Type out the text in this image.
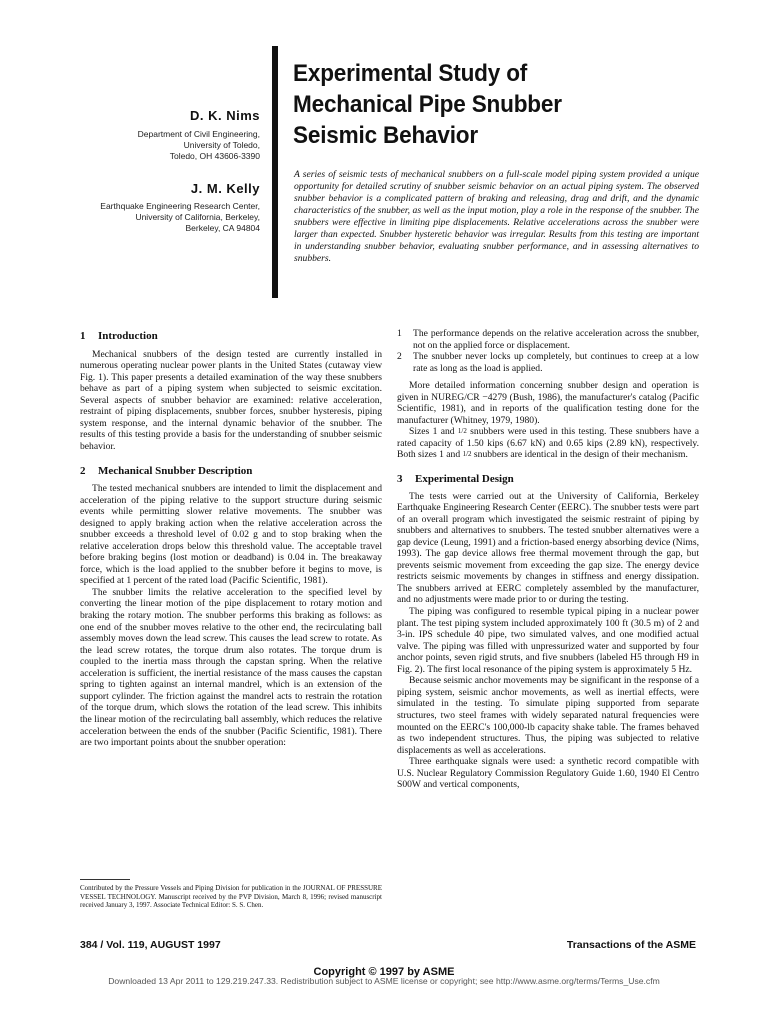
D. K. Nims
Department of Civil Engineering,
University of Toledo,
Toledo, OH 43606-3390
J. M. Kelly
Earthquake Engineering Research Center,
University of California, Berkeley,
Berkeley, CA 94804
Experimental Study of
Mechanical Pipe Snubber
Seismic Behavior
A series of seismic tests of mechanical snubbers on a full-scale model piping system provided a unique opportunity for detailed scrutiny of snubber seismic behavior on an actual piping system. The observed snubber behavior is a complicated pattern of braking and releasing, drag and drift, and the dynamic characteristics of the snubber, as well as the input motion, play a role in the response of the snubber. The snubbers were effective in limiting pipe displacements. Relative accelerations across the snubber were larger than expected. Snubber hysteretic behavior was irregular. Results from this testing are important in understanding snubber behavior, evaluating snubber performance, and in assessing alternatives to snubbers.
1 Introduction

Mechanical snubbers of the design tested are currently installed in numerous operating nuclear power plants in the United States (cutaway view Fig. 1). This paper presents a detailed examination of the way these snubbers behave as part of a piping system when subjected to seismic excitation. Several aspects of snubber behavior are examined: relative acceleration, restraint of piping displacements, snubber forces, snubber hysteresis, piping system response, and the internal dynamic behavior of the snubber. The results of this testing provide a basis for the understanding of snubber seismic behavior.

2 Mechanical Snubber Description

The tested mechanical snubbers are intended to limit the displacement and acceleration of the piping relative to the support structure during seismic events while permitting slower relative movements. The snubber was designed to apply braking action when the relative acceleration across the snubber exceeds a threshold level of 0.02 g and to stop braking when the relative acceleration drops below this threshold value. The acceptable travel before braking begins (lost motion or deadband) is 0.04 in. The breakaway force, which is the load applied to the snubber before it begins to move, is specified at 1 percent of the rated load (Pacific Scientific, 1981).

The snubber limits the relative acceleration to the specified level by converting the linear motion of the pipe displacement to rotary motion and braking the rotary motion. The snubber performs this braking as follows: as one end of the snubber moves relative to the other end, the recirculating ball assembly moves down the lead screw. This causes the lead screw to rotate. As the lead screw rotates, the torque drum also rotates. The torque drum is coupled to the inertia mass through the capstan spring. When the relative acceleration is sufficient, the inertial resistance of the mass causes the capstan spring to tighten against an internal mandrel, which is an extension of the support cylinder. The friction against the mandrel acts to restrain the rotation of the torque drum, which slows the rotation of the lead screw. This inhibits the linear motion of the recirculating ball assembly, which reduces the relative acceleration between the ends of the snubber (Pacific Scientific, 1981). There are two important points about the snubber operation:

Contributed by the Pressure Vessels and Piping Division for publication in the JOURNAL OF PRESSURE VESSEL TECHNOLOGY. Manuscript received by the PVP Division, March 8, 1996; revised manuscript received January 3, 1997. Associate Technical Editor: S. S. Chen.
1 The performance depends on the relative acceleration across the snubber, not on the applied force or displacement.
2 The snubber never locks up completely, but continues to creep at a low rate as long as the load is applied.

More detailed information concerning snubber design and operation is given in NUREG/CR −4279 (Bush, 1986), the manufacturer's catalog (Pacific Scientific, 1981), and in reports of the qualification testing done for the manufacturer (Whitney, 1979, 1980).

Sizes 1 and 1/2 snubbers were used in this testing. These snubbers have a rated capacity of 1.50 kips (6.67 kN) and 0.65 kips (2.89 kN), respectively. Both sizes 1 and 1/2 snubbers are identical in the design of their mechanism.

3 Experimental Design

The tests were carried out at the University of California, Berkeley Earthquake Engineering Research Center (EERC). The snubber tests were part of an overall program which investigated the seismic restraint of piping by snubbers and alternatives to snubbers. The tested snubber alternatives were a gap device (Leung, 1991) and a friction-based energy absorbing device (Nims, 1993). The gap device allows free thermal movement through the gap, but prevents seismic movement from exceeding the gap size. The energy device restricts seismic movements by changes in stiffness and energy dissipation. The snubbers arrived at EERC completely assembled by the manufacturer, and no adjustments were made prior to or during the testing.

The piping was configured to resemble typical piping in a nuclear power plant. The test piping system included approximately 100 ft (30.5 m) of 2 and 3-in. IPS schedule 40 pipe, two simulated valves, and one modified actual valve. The piping was filled with unpressurized water and supported by four anchor points, seven rigid struts, and five snubbers (labeled H5 through H9 in Fig. 2). The first local resonance of the piping system is approximately 5 Hz.

Because seismic anchor movements may be significant in the response of a piping system, seismic anchor movements, as well as inertial effects, were simulated in the testing. To simulate piping supported from separate structures, two steel frames with widely separated natural frequencies were mounted on the EERC's 100,000-lb capacity shake table. The frames behaved as two independent structures. Thus, the piping was subjected to relative displacements as well as accelerations.

Three earthquake signals were used: a synthetic record compatible with U.S. Nuclear Regulatory Commission Regulatory Guide 1.60, 1940 El Centro S00W and vertical components,

384 / Vol. 119, AUGUST 1997	Transactions of the ASME
Copyright © 1997 by ASME
Downloaded 13 Apr 2011 to 129.219.247.33. Redistribution subject to ASME license or copyright; see http://www.asme.org/terms/Terms_Use.cfm
